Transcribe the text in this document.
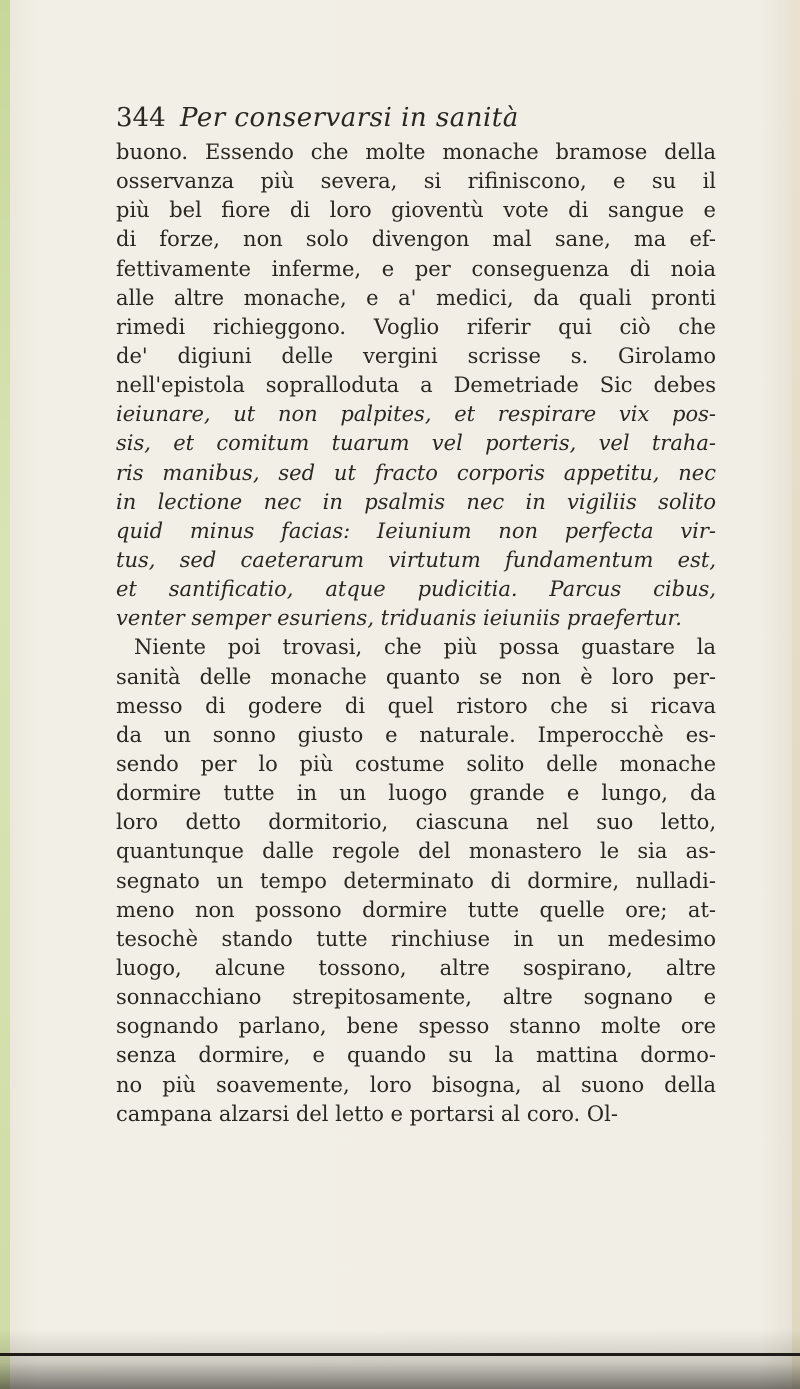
344 Per conservarsi in sanità
buono. Essendo che molte monache bramose della
osservanza più severa, si rifiniscono, e su il
più bel fiore di loro gioventù vote di sangue e
di forze, non solo divengon mal sane, ma ef-
fettivamente inferme, e per conseguenza di noia
alle altre monache, e a' medici, da quali pronti
rimedi richieggono. Voglio riferir qui ciò che
de' digiuni delle vergini scrisse s. Girolamo
nell'epistola sopralloduta a Demetriade Sic debes
ieiunare, ut non palpites, et respirare vix pos-
sis, et comitum tuarum vel porteris, vel traha-
ris manibus, sed ut fracto corporis appetitu, nec
in lectione nec in psalmis nec in vigiliis solito
quid minus facias: Ieiunium non perfecta vir-
tus, sed caeterarum virtutum fundamentum est,
et santificatio, atque pudicitia. Parcus cibus,
venter semper esuriens, triduanis ieiuniis praefertur.
Niente poi trovasi, che più possa guastare la
sanità delle monache quanto se non è loro per-
messo di godere di quel ristoro che si ricava
da un sonno giusto e naturale. Imperocchè es-
sendo per lo più costume solito delle monache
dormire tutte in un luogo grande e lungo, da
loro detto dormitorio, ciascuna nel suo letto,
quantunque dalle regole del monastero le sia as-
segnato un tempo determinato di dormire, nulladi-
meno non possono dormire tutte quelle ore; at-
tesochè stando tutte rinchiuse in un medesimo
luogo, alcune tossono, altre sospirano, altre
sonnacchiano strepitosamente, altre sognano e
sognando parlano, bene spesso stanno molte ore
senza dormire, e quando su la mattina dormo-
no più soavemente, loro bisogna, al suono della
campana alzarsi del letto e portarsi al coro. Ol-
